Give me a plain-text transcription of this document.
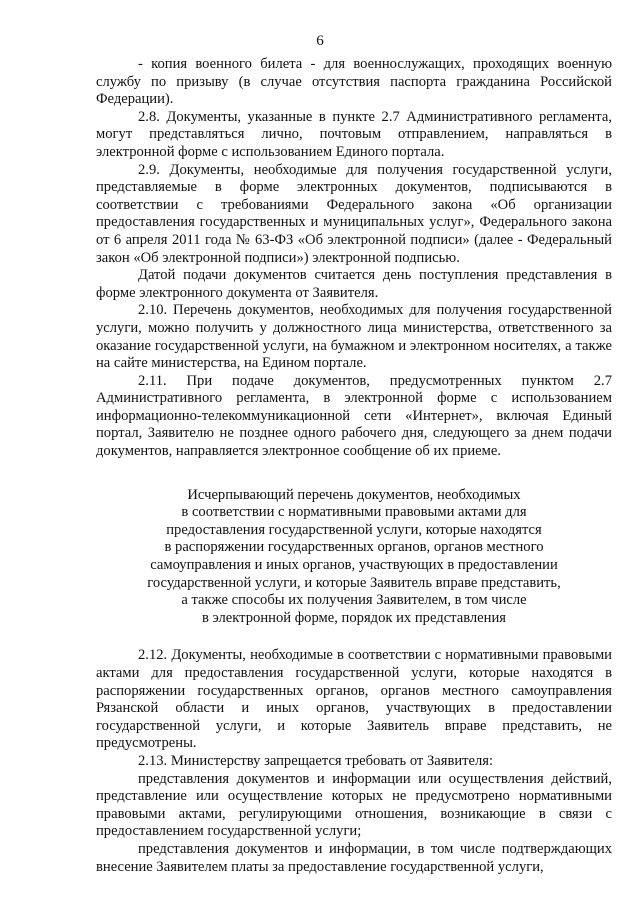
6

- копия военного билета - для военнослужащих, проходящих военную службу по призыву (в случае отсутствия паспорта гражданина Российской Федерации).

2.8. Документы, указанные в пункте 2.7 Административного регламента, могут представляться лично, почтовым отправлением, направляться в электронной форме с использованием Единого портала.

2.9. Документы, необходимые для получения государственной услуги, представляемые в форме электронных документов, подписываются в соответствии с требованиями Федерального закона «Об организации предоставления государственных и муниципальных услуг», Федерального закона от 6 апреля 2011 года № 63-ФЗ «Об электронной подписи» (далее - Федеральный закон «Об электронной подписи») электронной подписью.

Датой подачи документов считается день поступления представления в форме электронного документа от Заявителя.

2.10. Перечень документов, необходимых для получения государственной услуги, можно получить у должностного лица министерства, ответственного за оказание государственной услуги, на бумажном и электронном носителях, а также на сайте министерства, на Едином портале.

2.11. При подаче документов, предусмотренных пунктом 2.7 Административного регламента, в электронной форме с использованием информационно-телекоммуникационной сети «Интернет», включая Единый портал, Заявителю не позднее одного рабочего дня, следующего за днем подачи документов, направляется электронное сообщение об их приеме.

Исчерпывающий перечень документов, необходимых
в соответствии с нормативными правовыми актами для
предоставления государственной услуги, которые находятся
в распоряжении государственных органов, органов местного
самоуправления и иных органов, участвующих в предоставлении
государственной услуги, и которые Заявитель вправе представить,
а также способы их получения Заявителем, в том числе
в электронной форме, порядок их представления

2.12. Документы, необходимые в соответствии с нормативными правовыми актами для предоставления государственной услуги, которые находятся в распоряжении государственных органов, органов местного самоуправления Рязанской области и иных органов, участвующих в предоставлении государственной услуги, и которые Заявитель вправе представить, не предусмотрены.

2.13. Министерству запрещается требовать от Заявителя:

представления документов и информации или осуществления действий, представление или осуществление которых не предусмотрено нормативными правовыми актами, регулирующими отношения, возникающие в связи с предоставлением государственной услуги;

представления документов и информации, в том числе подтверждающих внесение Заявителем платы за предоставление государственной услуги,
